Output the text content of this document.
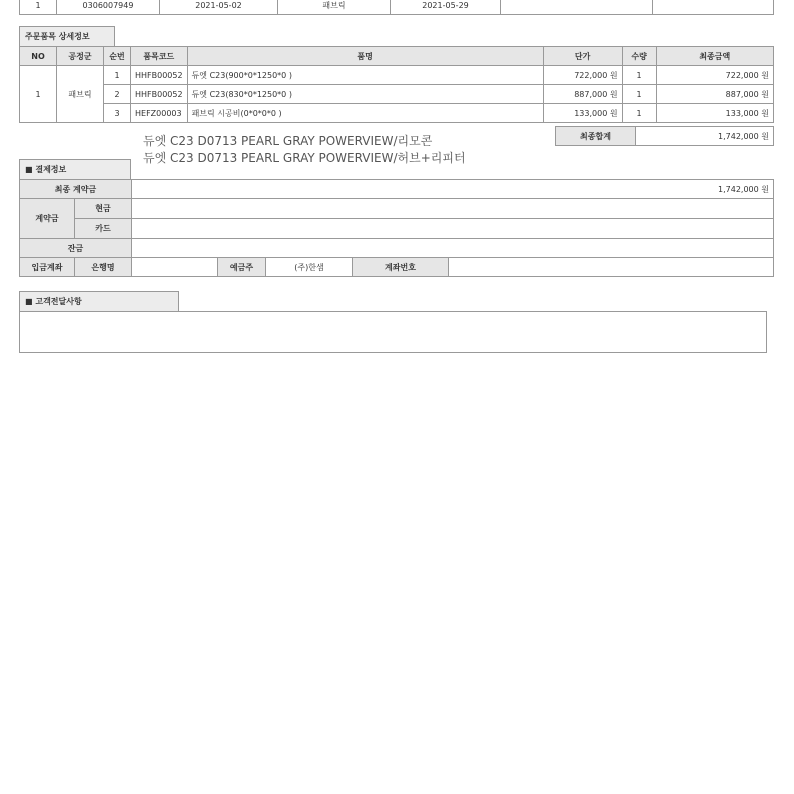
1	0306007949	2021-05-02	패브릭	2021-05-29		
주문품목 상세정보
NO	공정군	순번	품목코드	품명	단가	수량	최종금액
1	패브릭	1	HHFB00052	듀엣 C23(900*0*1250*0 )	722,000 원	1	722,000 원
		2	HHFB00052	듀엣 C23(830*0*1250*0 )	887,000 원	1	887,000 원
		3	HEFZ00003	패브릭 시공비(0*0*0*0 )	133,000 원	1	133,000 원
최종합계	1,742,000 원
듀엣 C23 D0713 PEARL GRAY POWERVIEW/리모콘
듀엣 C23 D0713 PEARL GRAY POWERVIEW/허브+리피터
■ 결제정보
최종 계약금		1,742,000 원				
계약금	현금					
	카드					
잔금						
입금계좌	은행명		예금주	(주)한샘	계좌번호	
■ 고객전달사항
